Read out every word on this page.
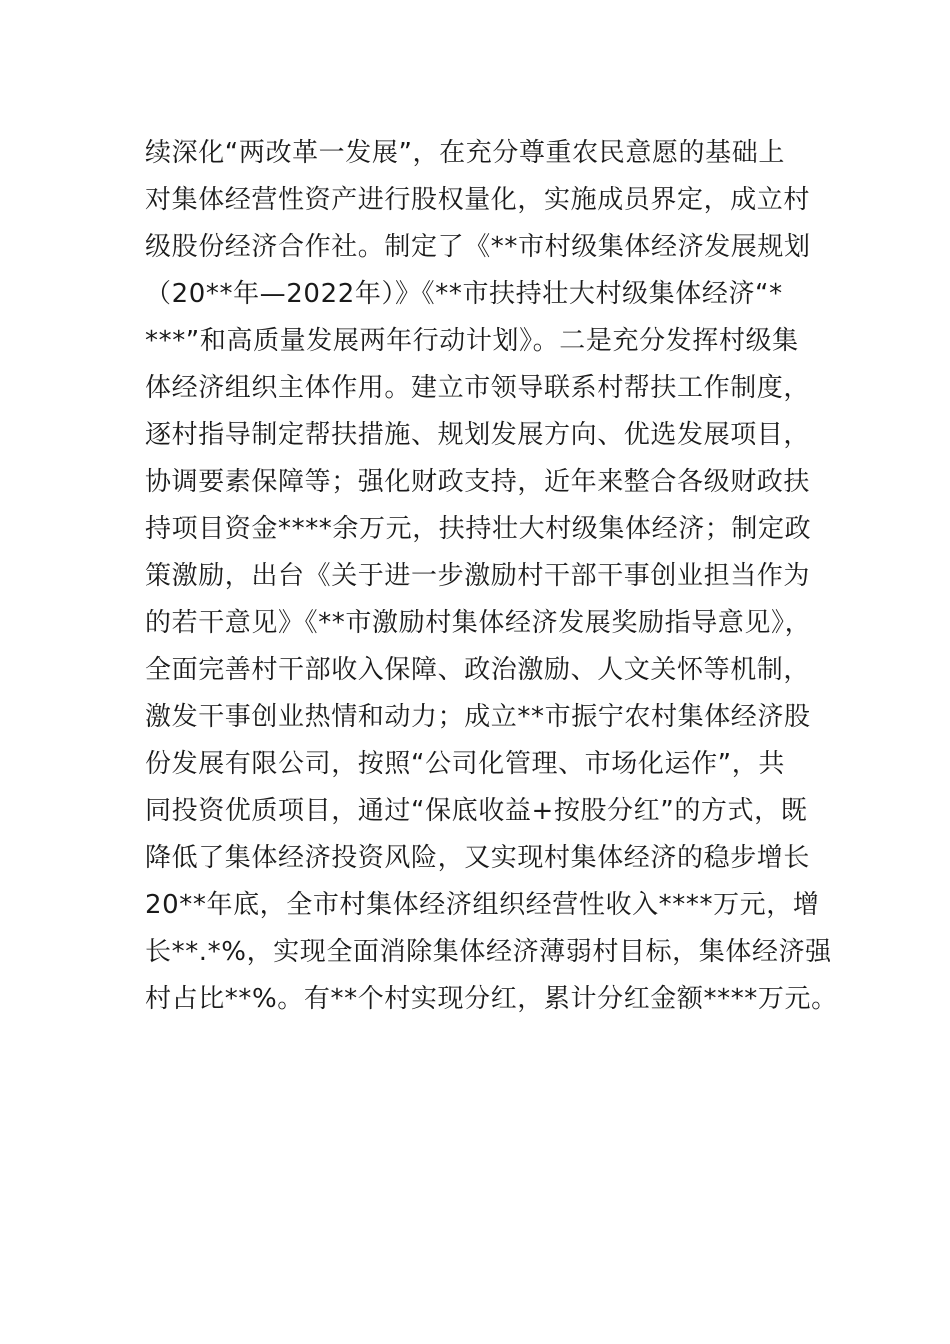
续深化“两改革一发展”，在充分尊重农民意愿的基础上
对集体经营性资产进行股权量化，实施成员界定，成立村
级股份经济合作社。制定了《**市村级集体经济发展规划
（20**年—2022年）》《**市扶持壮大村级集体经济“*
***”和高质量发展两年行动计划》。二是充分发挥村级集
体经济组织主体作用。建立市领导联系村帮扶工作制度，
逐村指导制定帮扶措施、规划发展方向、优选发展项目，
协调要素保障等；强化财政支持，近年来整合各级财政扶
持项目资金****余万元，扶持壮大村级集体经济；制定政
策激励，出台《关于进一步激励村干部干事创业担当作为
的若干意见》《**市激励村集体经济发展奖励指导意见》，
全面完善村干部收入保障、政治激励、人文关怀等机制，
激发干事创业热情和动力；成立**市振宁农村集体经济股
份发展有限公司，按照“公司化管理、市场化运作”，共
同投资优质项目，通过“保底收益+按股分红”的方式，既
降低了集体经济投资风险，又实现村集体经济的稳步增长
20**年底，全市村集体经济组织经营性收入****万元，增
长**.*%，实现全面消除集体经济薄弱村目标，集体经济强
村占比**%。有**个村实现分红，累计分红金额****万元。
